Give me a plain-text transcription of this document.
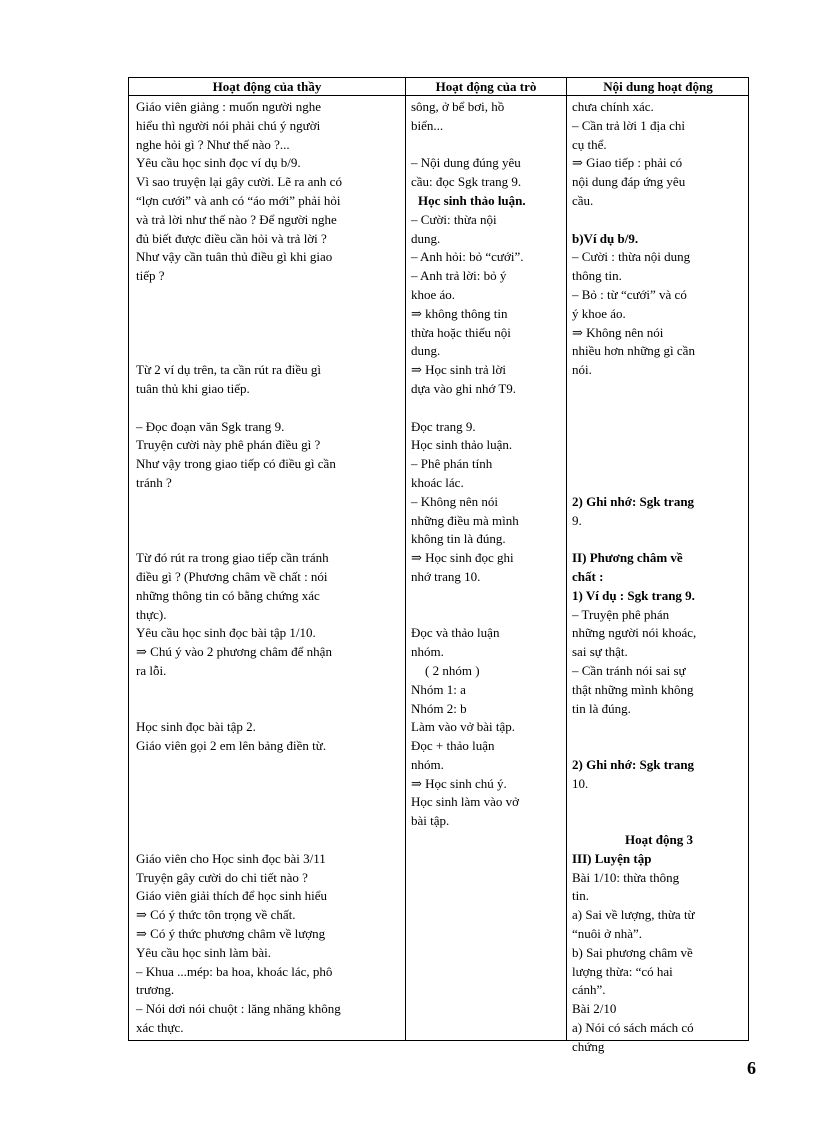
Hoạt động của thầy	Hoạt động của trò	Nội dung hoạt động

Giáo viên giảng : muốn người nghe

hiểu thì người nói phải chú ý người

nghe hỏi gì ? Như thế nào ?...

Yêu cầu học sinh đọc ví dụ b/9.

Vì sao truyện lại gây cười. Lẽ ra anh có

“lợn cưới” và anh có “áo mới” phải hỏi

và trả lời như thế nào ? Để người nghe

đủ biết được điều cần hỏi và trả lời ?

Như vậy cần tuân thủ điều gì khi giao

tiếp ?

Từ 2 ví dụ trên, ta cần rút ra điều gì

tuân thủ khi giao tiếp.

– Đọc đoạn văn Sgk trang 9.

Truyện cười này phê phán điều gì ?

Như vậy trong giao tiếp có điều gì cần

tránh ?

Từ đó rút ra trong giao tiếp cần tránh

điều gì ? (Phương châm về chất : nói

những thông tin có bằng chứng xác

thực).

Yêu cầu học sinh đọc bài tập 1/10.

⇒ Chú ý vào 2 phương châm để nhận

ra lỗi.

Học sinh đọc bài tập 2.

Giáo viên gọi 2 em lên bảng điền từ.

Giáo viên cho Học sinh đọc bài 3/11

Truyện gây cười do chi tiết nào ?

Giáo viên giải thích để học sinh hiểu

⇒ Có ý thức tôn trọng về chất.

⇒ Có ý thức phương châm về lượng

Yêu cầu học sinh làm bài.

– Khua ...mép: ba hoa, khoác lác, phô

trương.

– Nói dơi nói chuột : lăng nhăng không

xác thực.

sông, ở bể bơi, hồ

biển...

– Nội dung đúng yêu

cầu: đọc Sgk trang 9.

Học sinh thảo luận.

– Cười: thừa nội

dung.

– Anh hỏi: bỏ “cưới”.

– Anh trả lời: bỏ ý

khoe áo.

⇒ không thông tin

thừa hoặc thiếu nội

dung.

⇒ Học sinh trả lời

dựa vào ghi nhớ T9.

Đọc trang 9.

Học sinh thảo luận.

– Phê phán tính

khoác lác.

– Không nên nói

những điều mà mình

không tin là đúng.

⇒ Học sinh đọc ghi

nhớ trang 10.

Đọc và thảo luận

nhóm.

( 2 nhóm )

Nhóm 1: a

Nhóm 2: b

Làm vào vở bài tập.

Đọc + thảo luận

nhóm.

⇒ Học sinh chú ý.

Học sinh làm vào vở

bài tập.

chưa chính xác.

– Cần trả lời 1 địa chỉ

cụ thể.

⇒ Giao tiếp : phải có

nội dung đáp ứng yêu

cầu.

b)Ví dụ b/9.

– Cười : thừa nội dung

thông tin.

– Bỏ : từ “cưới” và có

ý khoe áo.

⇒ Không nên nói

nhiều hơn những gì cần

nói.

2) Ghi nhớ: Sgk trang

9.

II) Phương châm về

chất :

1) Ví dụ : Sgk trang 9.

– Truyện phê phán

những người nói khoác,

sai sự thật.

– Cần tránh nói sai sự

thật những mình không

tin là đúng.

2) Ghi nhớ: Sgk trang

10.

Hoạt động 3

III) Luyện tập

Bài 1/10: thừa thông

tin.

a) Sai về lượng, thừa từ

“nuôi ở nhà”.

b) Sai phương châm về

lượng thừa: “có hai

cánh”.

Bài 2/10

a) Nói có sách mách có

chứng

6
